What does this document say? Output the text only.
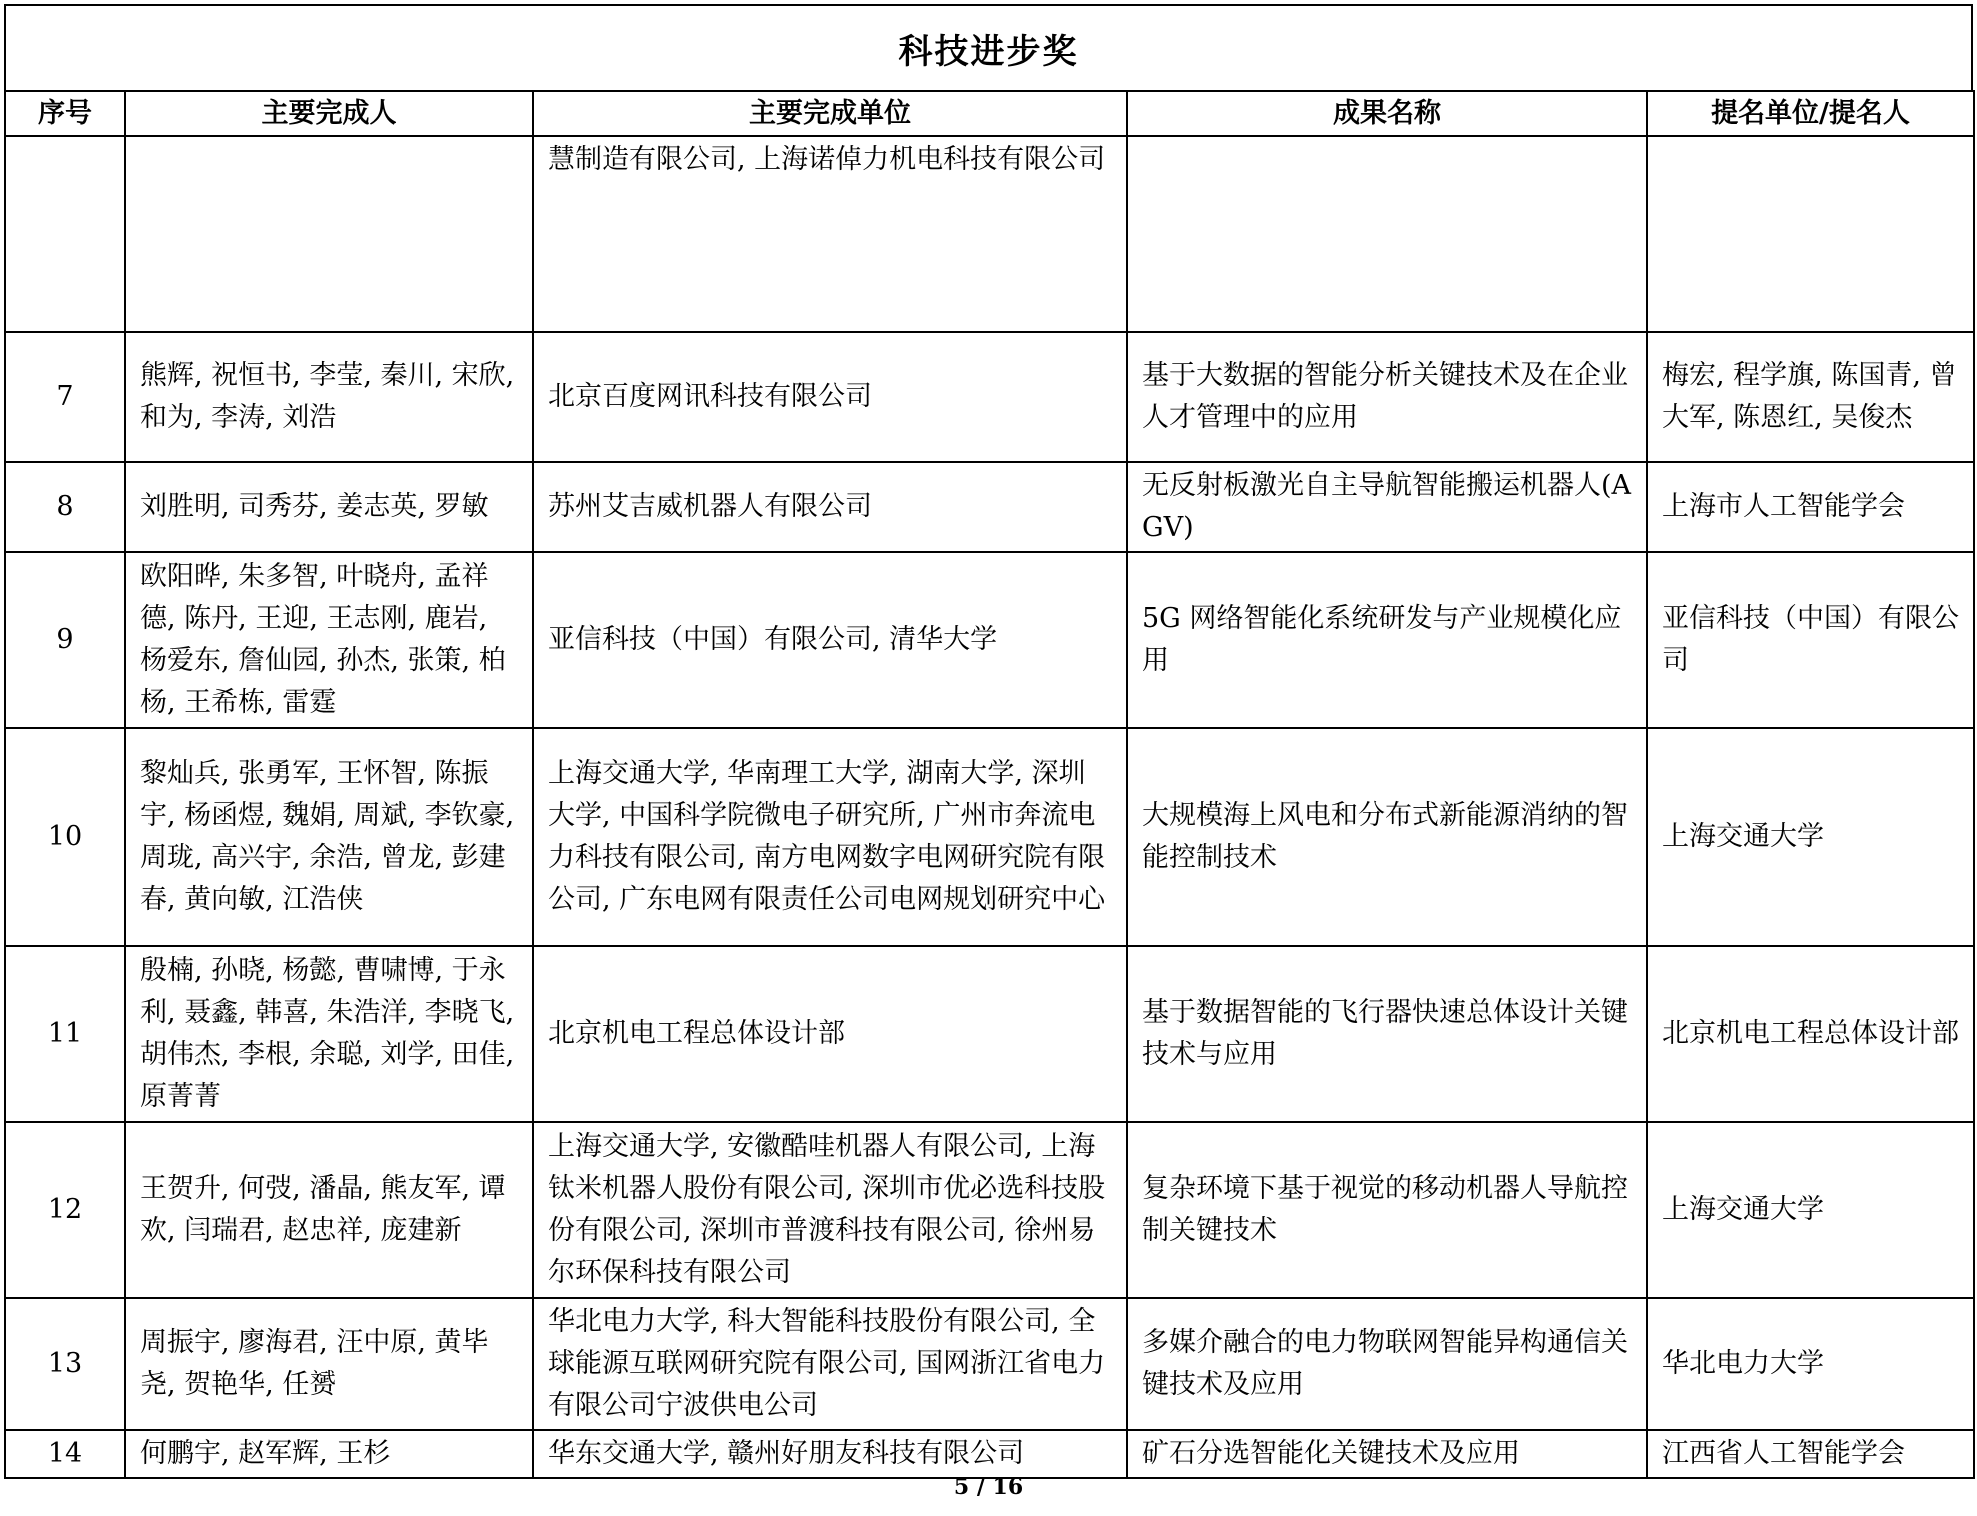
科技进步奖
序号	主要完成人	主要完成单位	成果名称	提名单位/提名人
		慧制造有限公司, 上海诺倬力机电科技有限公司		
7	熊辉, 祝恒书, 李莹, 秦川, 宋欣, 和为, 李涛, 刘浩	北京百度网讯科技有限公司	基于大数据的智能分析关键技术及在企业人才管理中的应用	梅宏, 程学旗, 陈国青, 曾大军, 陈恩红, 吴俊杰
8	刘胜明, 司秀芬, 姜志英, 罗敏	苏州艾吉威机器人有限公司	无反射板激光自主导航智能搬运机器人(AGV)	上海市人工智能学会
9	欧阳晔, 朱多智, 叶晓舟, 孟祥德, 陈丹, 王迎, 王志刚, 鹿岩, 杨爱东, 詹仙园, 孙杰, 张策, 柏杨, 王希栋, 雷霆	亚信科技（中国）有限公司, 清华大学	5G 网络智能化系统研发与产业规模化应用	亚信科技（中国）有限公司
10	黎灿兵, 张勇军, 王怀智, 陈振宇, 杨函煜, 魏娟, 周斌, 李钦豪, 周珑, 高兴宇, 余浩, 曾龙, 彭建春, 黄向敏, 江浩侠	上海交通大学, 华南理工大学, 湖南大学, 深圳大学, 中国科学院微电子研究所, 广州市奔流电力科技有限公司, 南方电网数字电网研究院有限公司, 广东电网有限责任公司电网规划研究中心	大规模海上风电和分布式新能源消纳的智能控制技术	上海交通大学
11	殷楠, 孙晓, 杨懿, 曹啸博, 于永利, 聂鑫, 韩喜, 朱浩洋, 李晓飞, 胡伟杰, 李根, 余聪, 刘学, 田佳, 原菁菁	北京机电工程总体设计部	基于数据智能的飞行器快速总体设计关键技术与应用	北京机电工程总体设计部
12	王贺升, 何弢, 潘晶, 熊友军, 谭欢, 闫瑞君, 赵忠祥, 庞建新	上海交通大学, 安徽酷哇机器人有限公司, 上海钛米机器人股份有限公司, 深圳市优必选科技股份有限公司, 深圳市普渡科技有限公司, 徐州易尔环保科技有限公司	复杂环境下基于视觉的移动机器人导航控制关键技术	上海交通大学
13	周振宇, 廖海君, 汪中原, 黄毕尧, 贺艳华, 任赟	华北电力大学, 科大智能科技股份有限公司, 全球能源互联网研究院有限公司, 国网浙江省电力有限公司宁波供电公司	多媒介融合的电力物联网智能异构通信关键技术及应用	华北电力大学
14	何鹏宇, 赵军辉, 王杉	华东交通大学, 赣州好朋友科技有限公司	矿石分选智能化关键技术及应用	江西省人工智能学会
5 / 16
